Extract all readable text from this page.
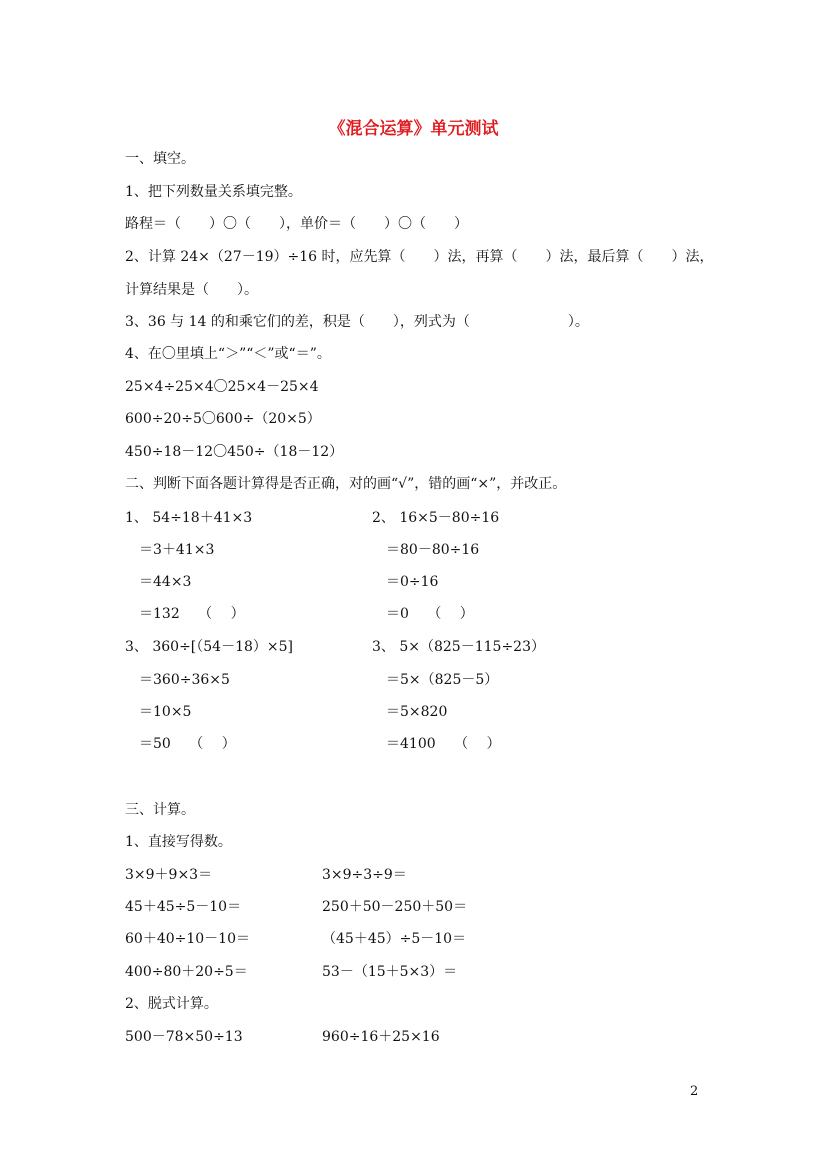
《混合运算》单元测试
一、填空。
1、把下列数量关系填完整。
路程＝（　　）〇（　　），单价＝（　　）〇（　　）
2、计算 24×（27－19）÷16 时，应先算（　　）法，再算（　　）法，最后算（　　）法，
计算结果是（　　）。
3、36 与 14 的和乘它们的差，积是（　　），列式为（　　　　　　　）。
4、在〇里填上“＞”“＜”或“＝”。
25×4÷25×4〇25×4－25×4
600÷20÷5〇600÷（20×5）
450÷18－12〇450÷（18－12）
二、判断下面各题计算得是否正确，对的画“√”，错的画“×”，并改正。
1、 54÷18＋41×3
　＝3＋41×3
　＝44×3
　＝132　 （　 ）
3、 360÷[（54－18）×5]
　＝360÷36×5
　＝10×5
　＝50　 （　 ）
2、 16×5－80÷16
　＝80－80÷16
　＝0÷16
　＝0　 （　 ）
3、 5×（825－115÷23）
　＝5×（825－5）
　＝5×820
　＝4100　 （　 ）
三、计算。
1、直接写得数。
3×9＋9×3＝
45＋45÷5－10＝
60＋40÷10－10＝
400÷80＋20÷5＝
3×9÷3÷9＝
250＋50－250＋50＝
（45＋45）÷5－10＝
53－（15＋5×3）＝
2、脱式计算。
500－78×50÷13	960÷16＋25×16
2
